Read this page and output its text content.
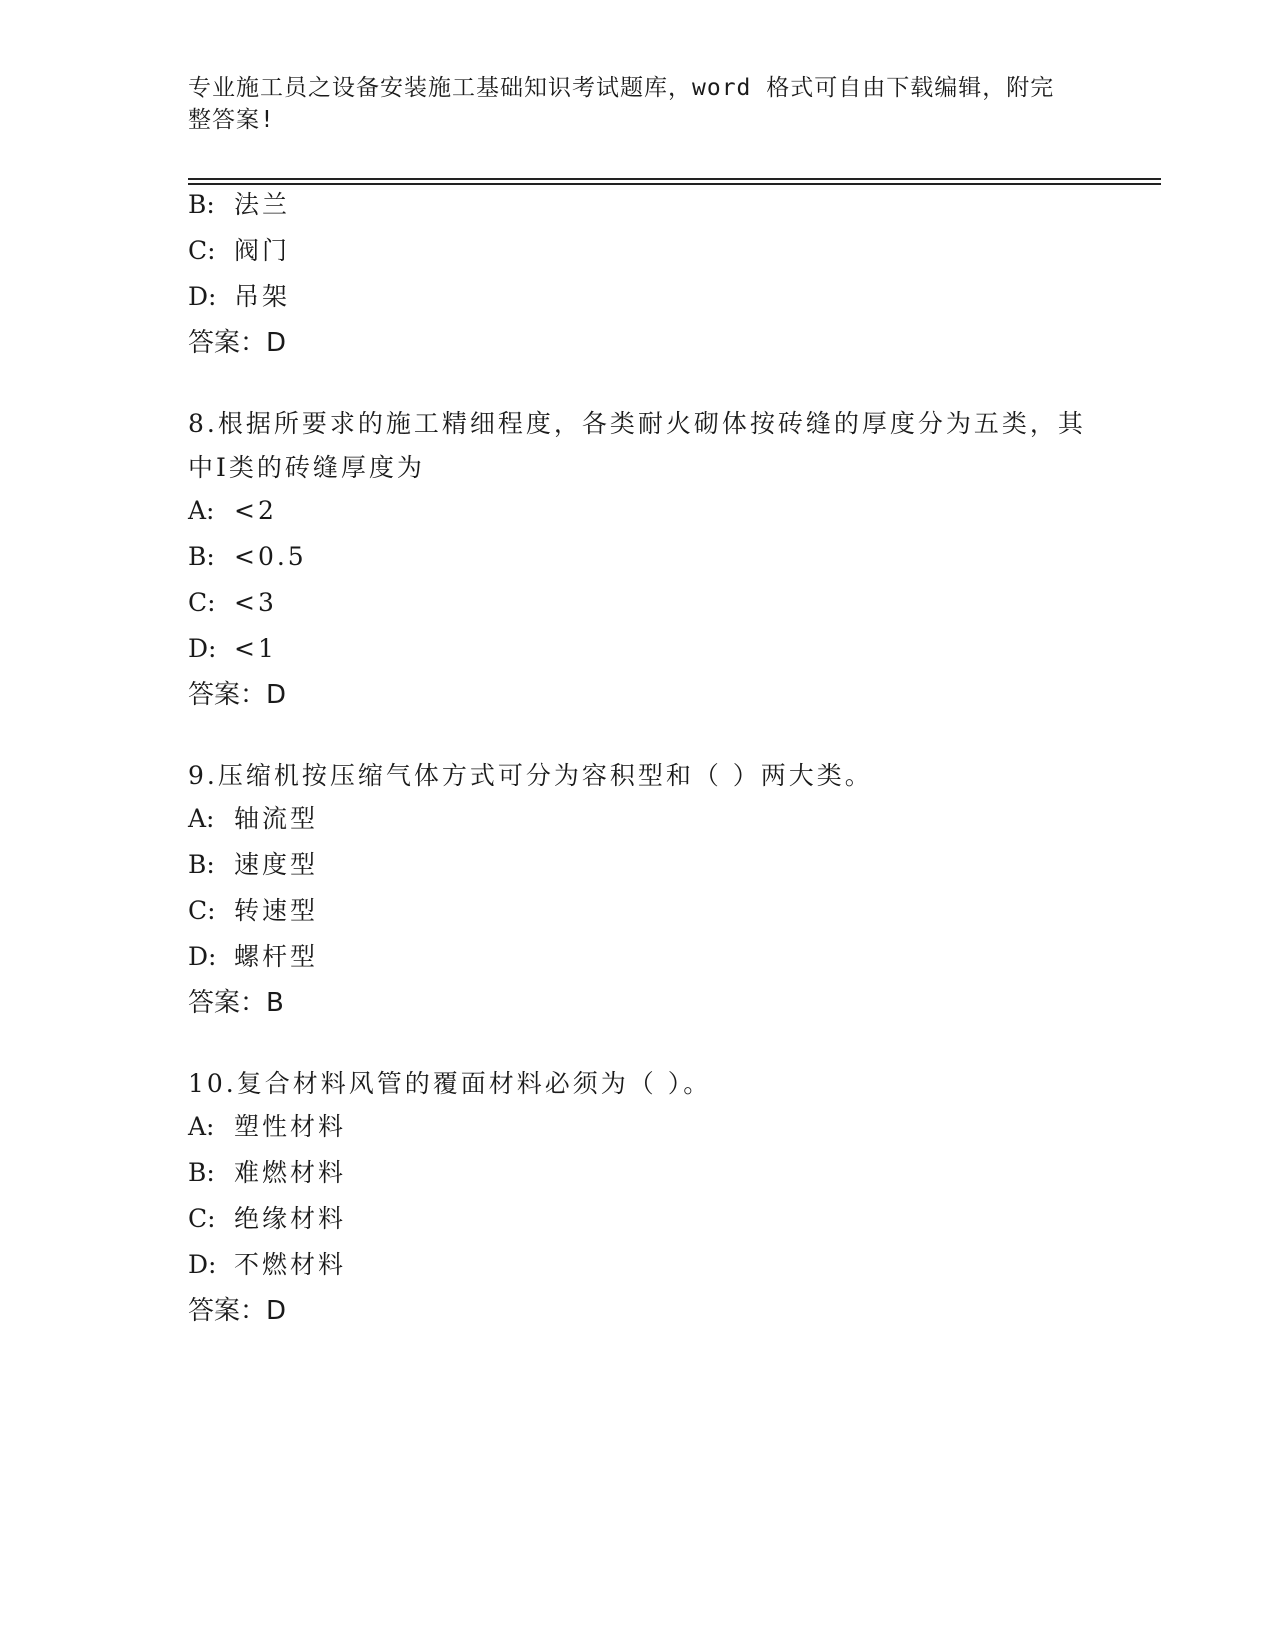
专业施工员之设备安装施工基础知识考试题库，word 格式可自由下载编辑，附完整答案!
B: 法兰
C: 阀门
D: 吊架
答案：D
8.根据所要求的施工精细程度，各类耐火砌体按砖缝的厚度分为五类，其中Ⅰ类的砖缝厚度为
A: <2
B: <0.5
C: <3
D: <1
答案：D
9.压缩机按压缩气体方式可分为容积型和（ ）两大类。
A: 轴流型
B: 速度型
C: 转速型
D: 螺杆型
答案：B
10.复合材料风管的覆面材料必须为（ ）。
A: 塑性材料
B: 难燃材料
C: 绝缘材料
D: 不燃材料
答案：D
